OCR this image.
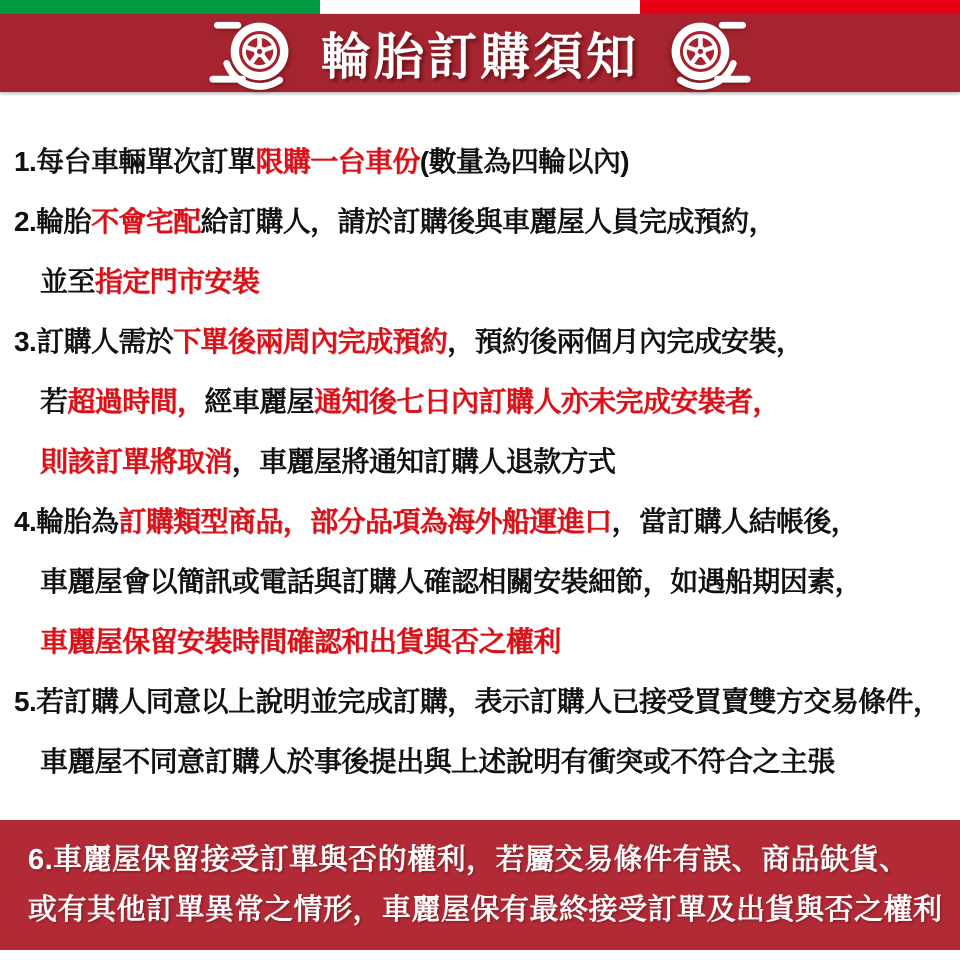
輪胎訂購須知
1.每台車輛單次訂單限購一台車份(數量為四輪以內)
2.輪胎不會宅配給訂購人，請於訂購後與車麗屋人員完成預約，
並至指定門市安裝
3.訂購人需於下單後兩周內完成預約，預約後兩個月內完成安裝，
若超過時間，經車麗屋通知後七日內訂購人亦未完成安裝者，
則該訂單將取消，車麗屋將通知訂購人退款方式
4.輪胎為訂購類型商品，部分品項為海外船運進口，當訂購人結帳後，
車麗屋會以簡訊或電話與訂購人確認相關安裝細節，如遇船期因素，
車麗屋保留安裝時間確認和出貨與否之權利
5.若訂購人同意以上說明並完成訂購，表示訂購人已接受買賣雙方交易條件，
車麗屋不同意訂購人於事後提出與上述說明有衝突或不符合之主張
6.車麗屋保留接受訂單與否的權利，若屬交易條件有誤、商品缺貨、
或有其他訂單異常之情形，車麗屋保有最終接受訂單及出貨與否之權利
